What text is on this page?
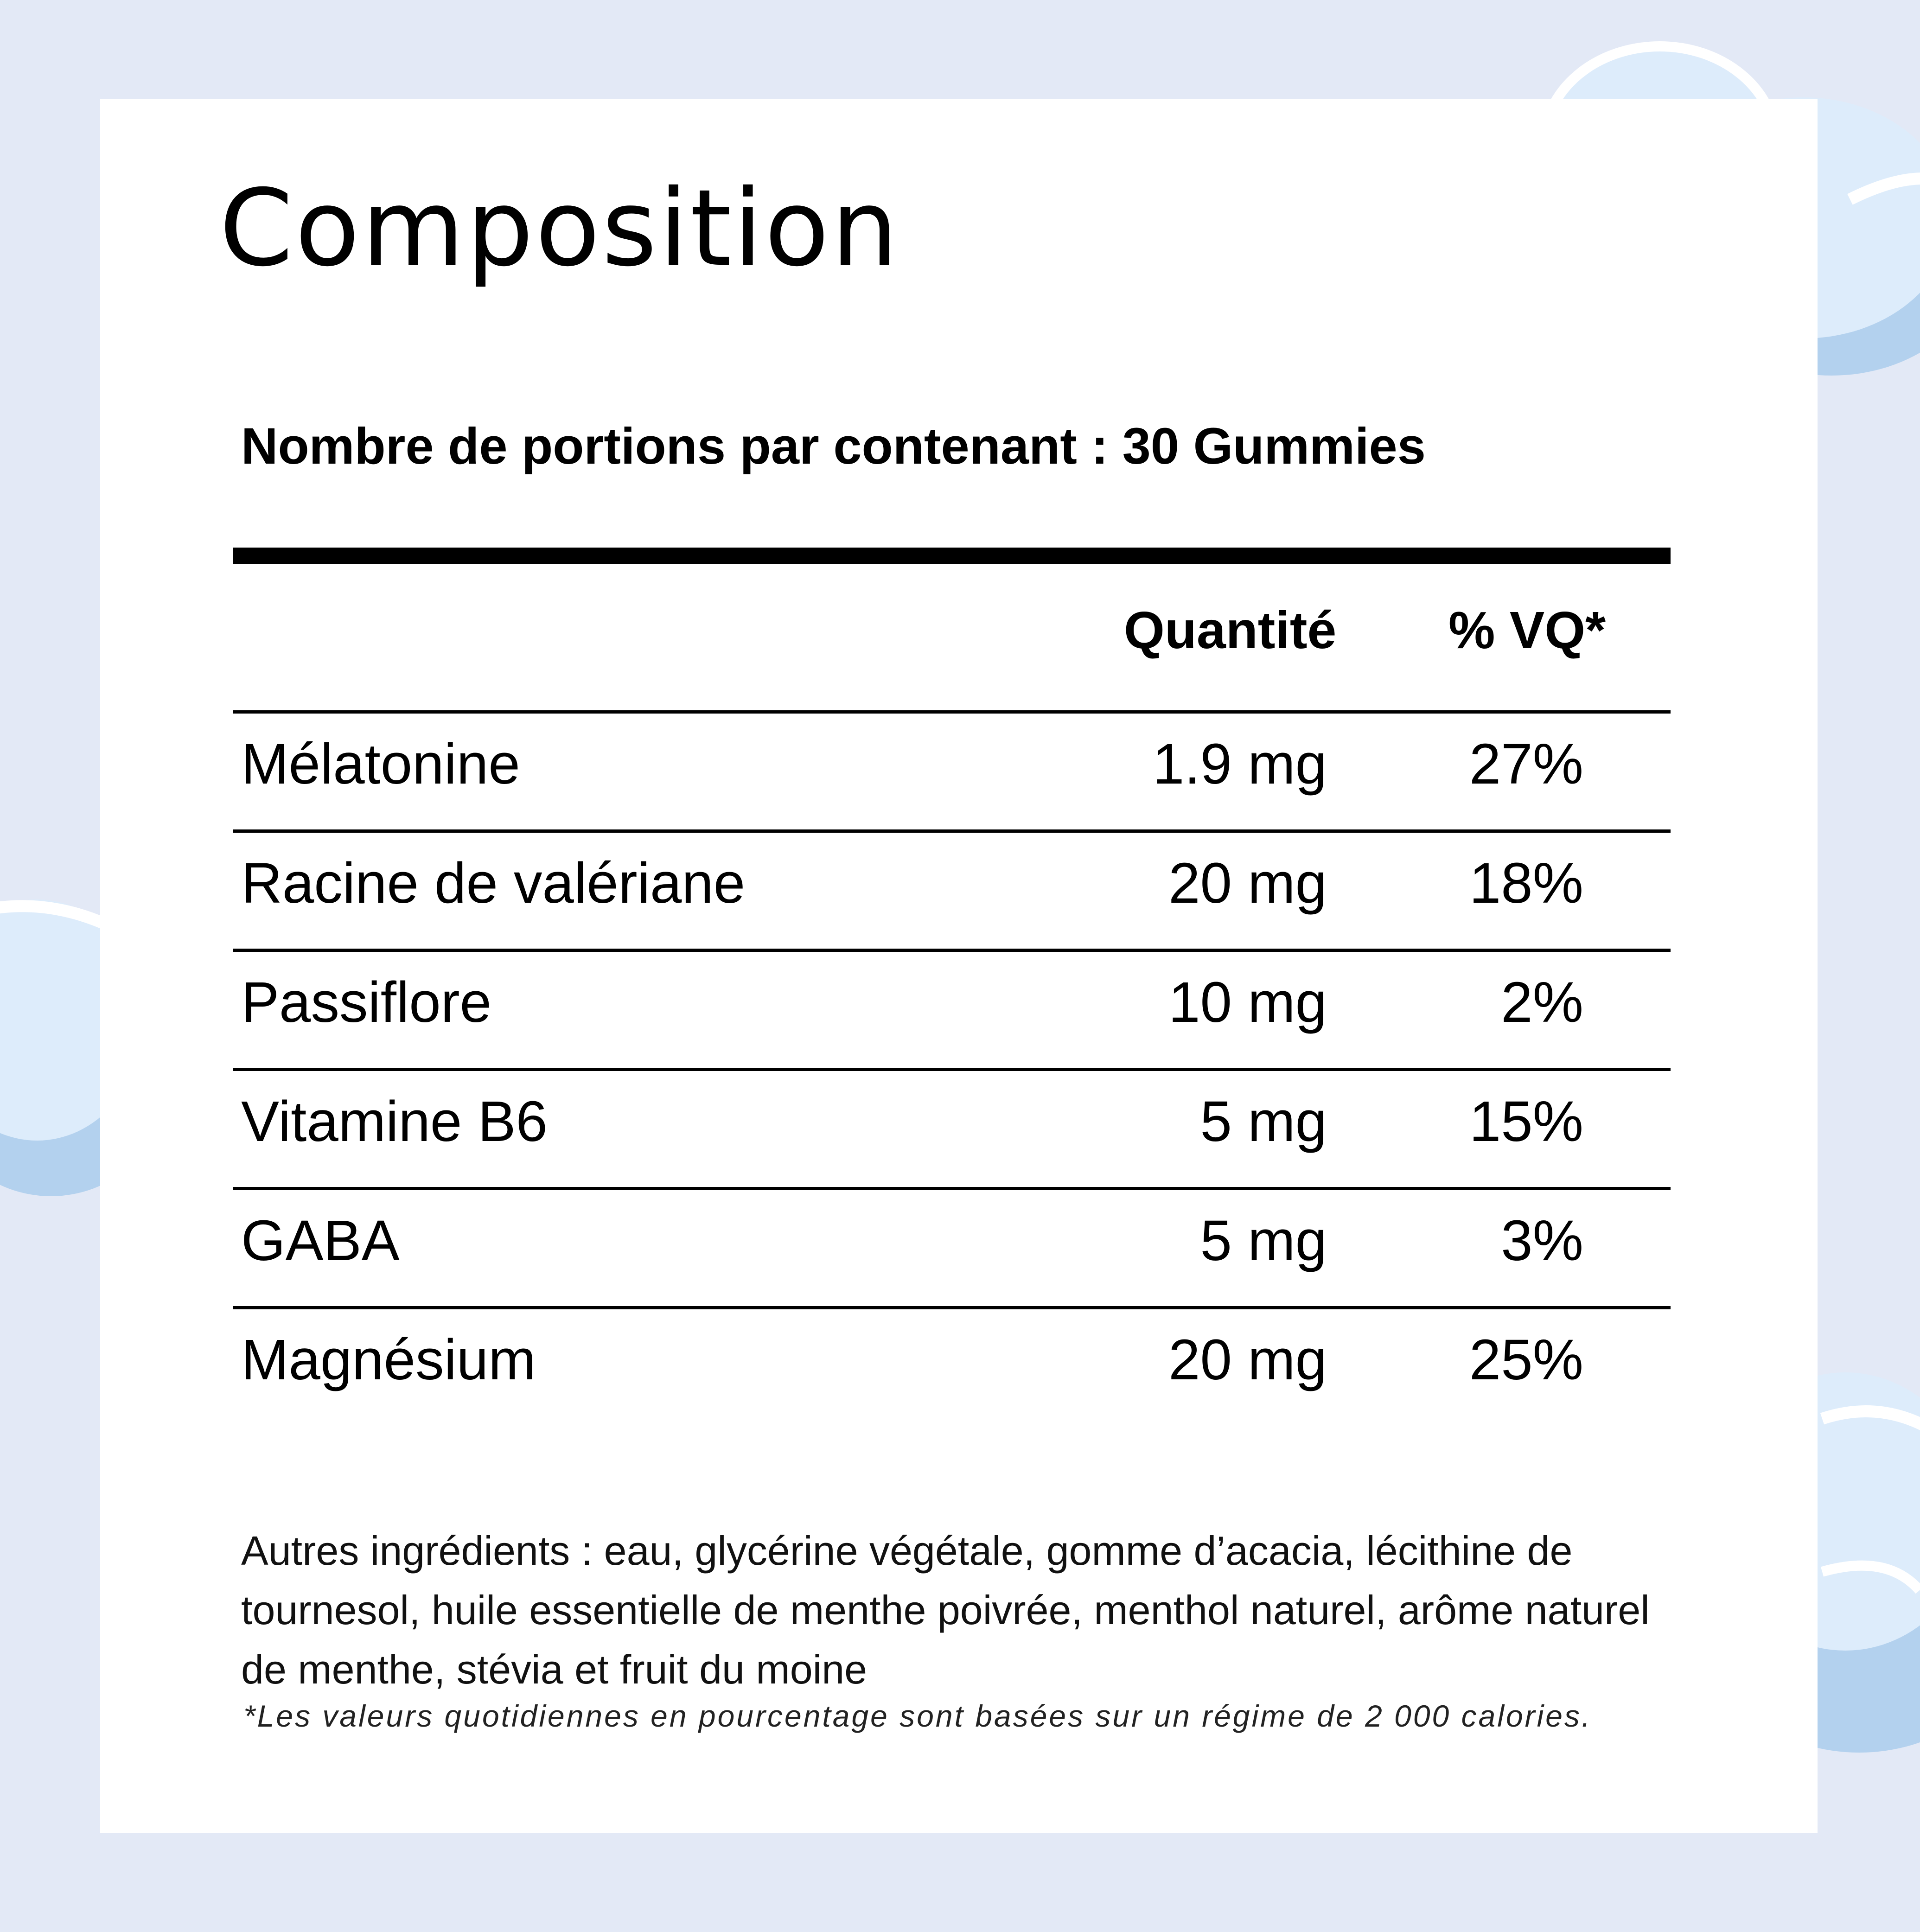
Composition
Nombre de portions par contenant : 30 Gummies
Quantité % VQ*
Mélatonine	1.9 mg 27%
Racine de valériane	20 mg 18%
Passiflore	10 mg	2%
Vitamine B6	5 mg 15%
GABA	5 mg	3%
Magnésium	20 mg 25%

Autres ingrédients : eau, glycérine végétale, gomme d’acacia, lécithine de tournesol, huile essentielle de menthe poivrée, menthol naturel, arôme naturel de menthe, stévia et fruit du moine

*Les valeurs quotidiennes en pourcentage sont basées sur un régime de 2 000 calories.
